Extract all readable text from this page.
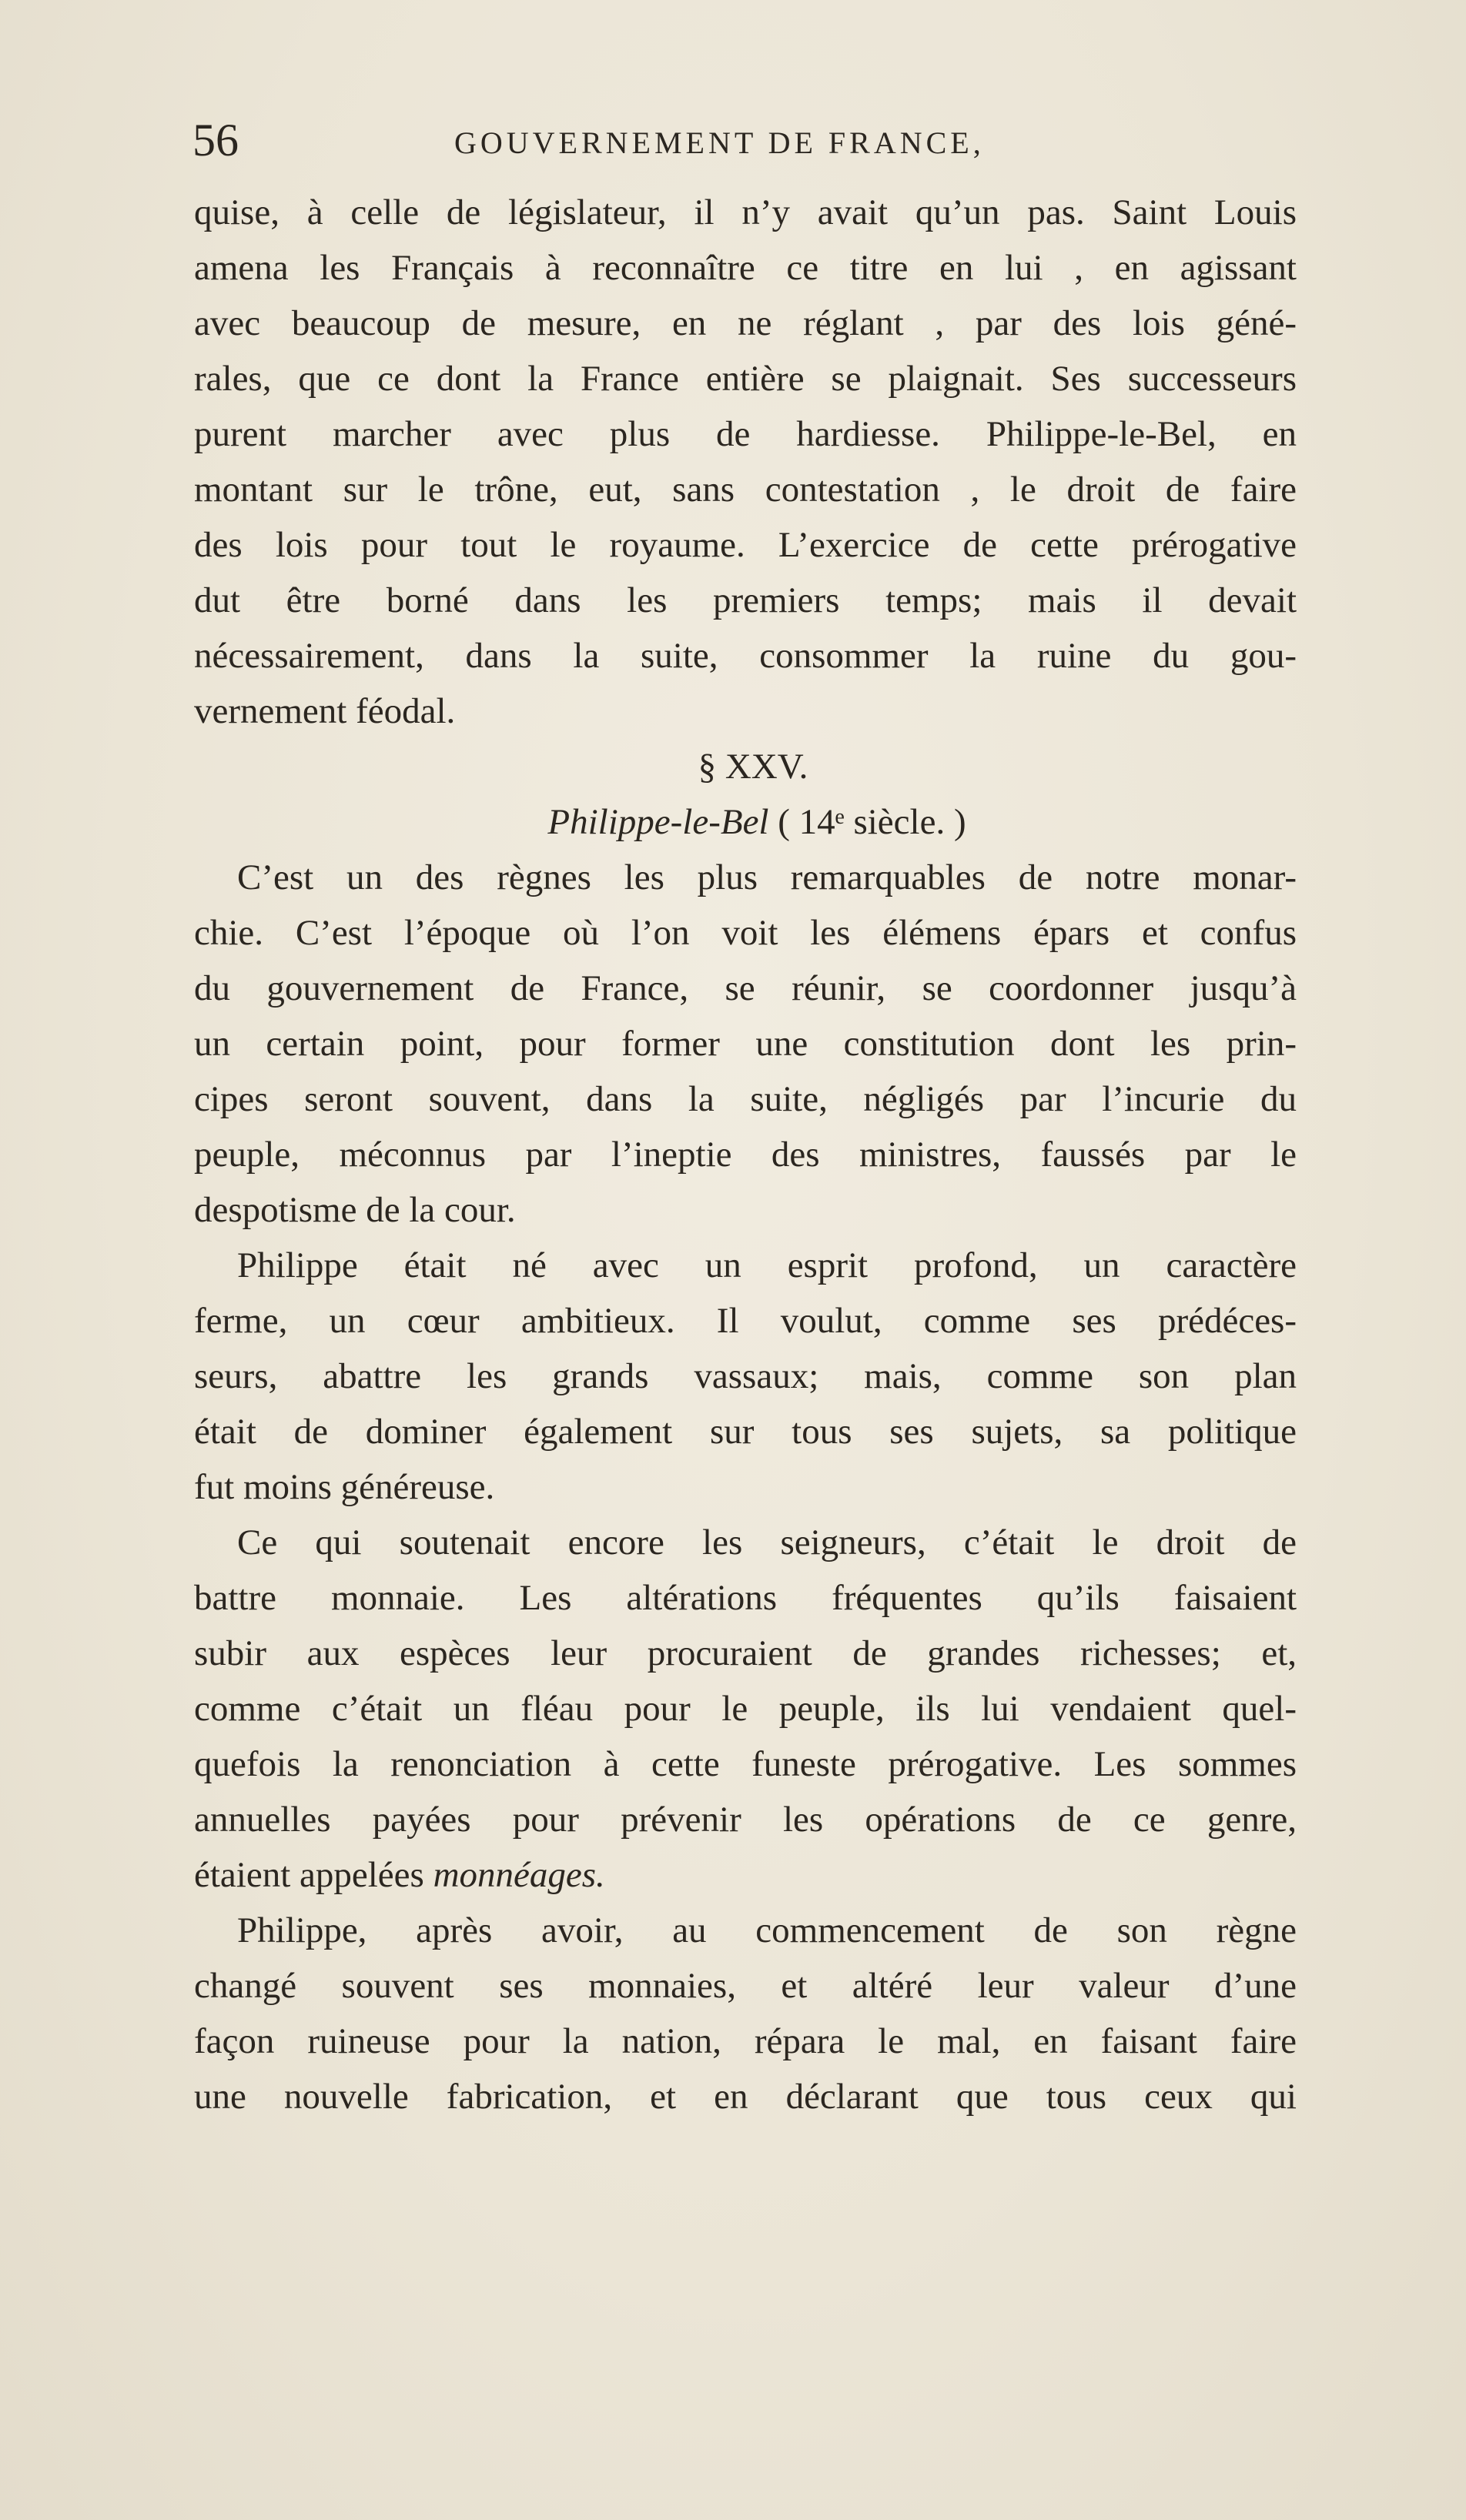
56	GOUVERNEMENT DE FRANCE,
quise, à celle de législateur, il n’y avait qu’un pas. Saint Louis
amena les Français à reconnaître ce titre en lui , en agissant
avec beaucoup de mesure, en ne réglant , par des lois géné-
rales, que ce dont la France entière se plaignait. Ses successeurs
purent marcher avec plus de hardiesse. Philippe-le-Bel, en
montant sur le trône, eut, sans contestation , le droit de faire
des lois pour tout le royaume. L’exercice de cette prérogative
dut être borné dans les premiers temps; mais il devait
nécessairement, dans la suite, consommer la ruine du gou-
vernement féodal.
§ XXV.
Philippe-le-Bel ( 14ᵉ siècle. )
C’est un des règnes les plus remarquables de notre monar-
chie. C’est l’époque où l’on voit les élémens épars et confus
du gouvernement de France, se réunir, se coordonner jusqu’à
un certain point, pour former une constitution dont les prin-
cipes seront souvent, dans la suite, négligés par l’incurie du
peuple, méconnus par l’ineptie des ministres, faussés par le
despotisme de la cour.
Philippe était né avec un esprit profond, un caractère
ferme, un cœur ambitieux. Il voulut, comme ses prédéces-
seurs, abattre les grands vassaux; mais, comme son plan
était de dominer également sur tous ses sujets, sa politique
fut moins généreuse.
Ce qui soutenait encore les seigneurs, c’était le droit de
battre monnaie. Les altérations fréquentes qu’ils faisaient
subir aux espèces leur procuraient de grandes richesses; et,
comme c’était un fléau pour le peuple, ils lui vendaient quel-
quefois la renonciation à cette funeste prérogative. Les sommes
annuelles payées pour prévenir les opérations de ce genre,
étaient appelées monnéages.
Philippe, après avoir, au commencement de son règne
changé souvent ses monnaies, et altéré leur valeur d’une
façon ruineuse pour la nation, répara le mal, en faisant faire
une nouvelle fabrication, et en déclarant que tous ceux qui
